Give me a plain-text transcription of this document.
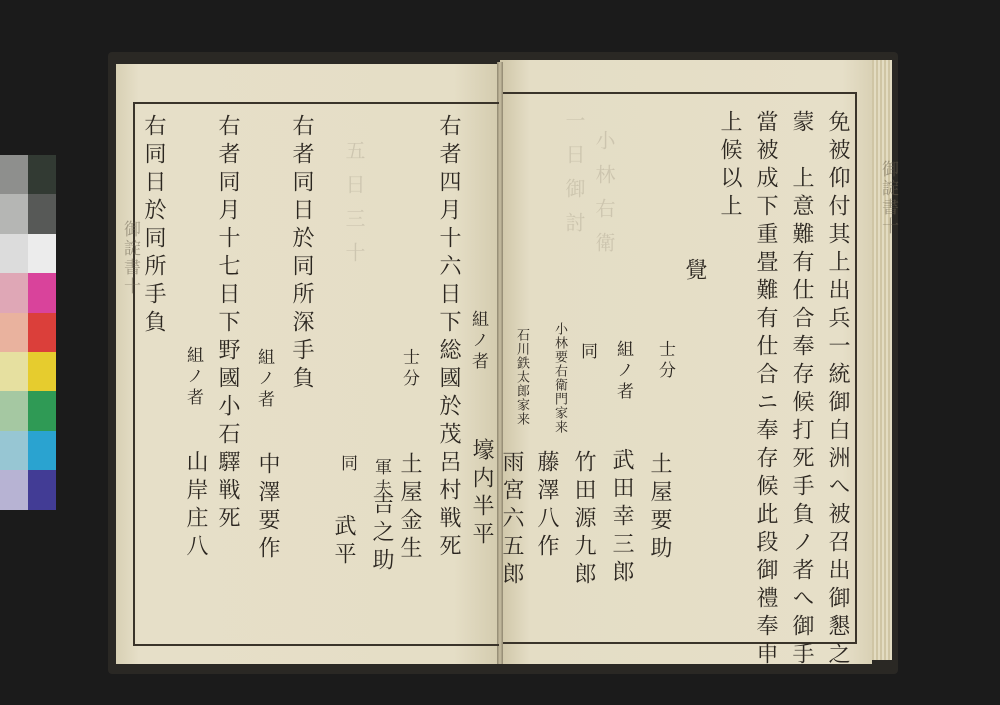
一日御討 小林右衛
五日三十
御諚書十
御諚書十
免被仰付其上出兵一統御白洲へ被召出御懇之
蒙　上意難有仕合奉存候打死手負ノ者へ御手
當被成下重畳難有仕合ニ奉存候此段御禮奉申
上候以上
覺
士分
組ノ者
同
小林要右衛門家来
石川鉄太郎家来
土屋要助
武田幸三郎
竹田源九郎
藤澤八作
雨宮六五郎
右者四月十六日下総國於茂呂村戦死 組ノ者
士分
軍夫
同
右者同日於同所深手負
組ノ者
右者同月十七日下野國小石驛戦死
組ノ者
右同日於同所手負
壕内半平
土屋金生
吉之助
武平
中澤要作
山岸庄八
